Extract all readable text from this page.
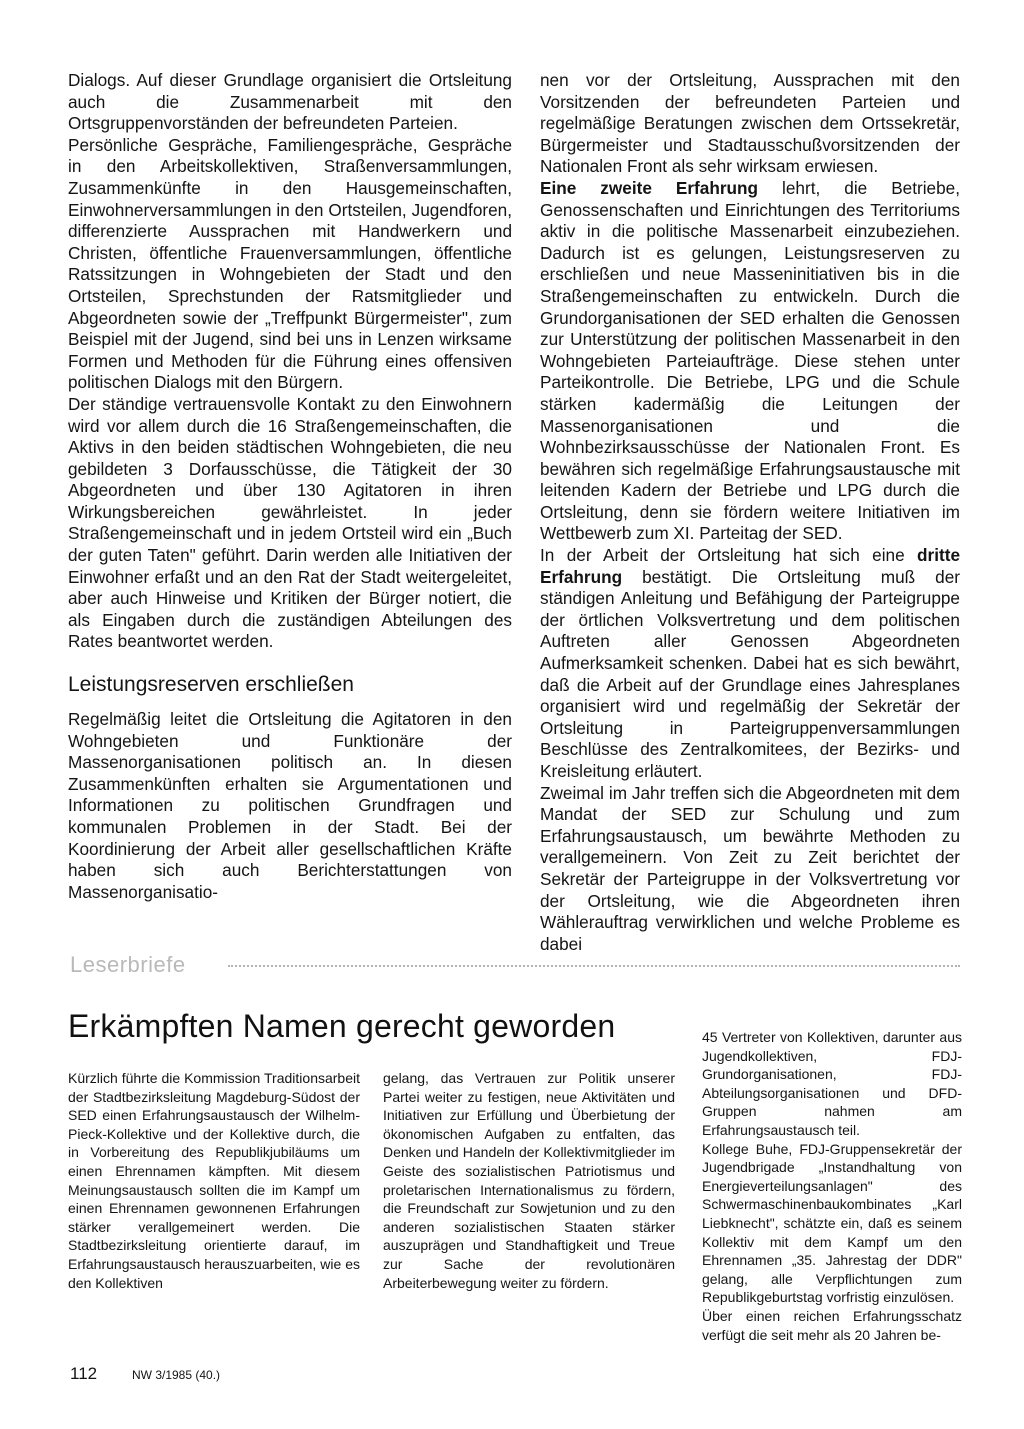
Dialogs. Auf dieser Grundlage organisiert die Ortsleitung auch die Zusammenarbeit mit den Ortsgruppenvorständen der befreundeten Parteien.

Persönliche Gespräche, Familiengespräche, Gespräche in den Arbeitskollektiven, Straßenversammlungen, Zusammenkünfte in den Hausgemeinschaften, Einwohnerversammlungen in den Ortsteilen, Jugendforen, differenzierte Aussprachen mit Handwerkern und Christen, öffentliche Frauenversammlungen, öffentliche Ratssitzungen in Wohngebieten der Stadt und den Ortsteilen, Sprechstunden der Ratsmitglieder und Abgeordneten sowie der „Treffpunkt Bürgermeister", zum Beispiel mit der Jugend, sind bei uns in Lenzen wirksame Formen und Methoden für die Führung eines offensiven politischen Dialogs mit den Bürgern.

Der ständige vertrauensvolle Kontakt zu den Einwohnern wird vor allem durch die 16 Straßengemeinschaften, die Aktivs in den beiden städtischen Wohngebieten, die neu gebildeten 3 Dorfausschüsse, die Tätigkeit der 30 Abgeordneten und über 130 Agitatoren in ihren Wirkungsbereichen gewährleistet. In jeder Straßengemeinschaft und in jedem Ortsteil wird ein „Buch der guten Taten" geführt. Darin werden alle Initiativen der Einwohner erfaßt und an den Rat der Stadt weitergeleitet, aber auch Hinweise und Kritiken der Bürger notiert, die als Eingaben durch die zuständigen Abteilungen des Rates beantwortet werden.

Leistungsreserven erschließen

Regelmäßig leitet die Ortsleitung die Agitatoren in den Wohngebieten und Funktionäre der Massenorganisationen politisch an. In diesen Zusammenkünften erhalten sie Argumentationen und Informationen zu politischen Grundfragen und kommunalen Problemen in der Stadt. Bei der Koordinierung der Arbeit aller gesellschaftlichen Kräfte haben sich auch Berichterstattungen von Massenorganisatio-

nen vor der Ortsleitung, Aussprachen mit den Vorsitzenden der befreundeten Parteien und regelmäßige Beratungen zwischen dem Ortssekretär, Bürgermeister und Stadtausschußvorsitzenden der Nationalen Front als sehr wirksam erwiesen.

Eine zweite Erfahrung lehrt, die Betriebe, Genossenschaften und Einrichtungen des Territoriums aktiv in die politische Massenarbeit einzubeziehen. Dadurch ist es gelungen, Leistungsreserven zu erschließen und neue Masseninitiativen bis in die Straßengemeinschaften zu entwickeln. Durch die Grundorganisationen der SED erhalten die Genossen zur Unterstützung der politischen Massenarbeit in den Wohngebieten Parteiaufträge. Diese stehen unter Parteikontrolle. Die Betriebe, LPG und die Schule stärken kadermäßig die Leitungen der Massenorganisationen und die Wohnbezirksausschüsse der Nationalen Front. Es bewähren sich regelmäßige Erfahrungsaustausche mit leitenden Kadern der Betriebe und LPG durch die Ortsleitung, denn sie fördern weitere Initiativen im Wettbewerb zum XI. Parteitag der SED.

In der Arbeit der Ortsleitung hat sich eine dritte Erfahrung bestätigt. Die Ortsleitung muß der ständigen Anleitung und Befähigung der Parteigruppe der örtlichen Volksvertretung und dem politischen Auftreten aller Genossen Abgeordneten Aufmerksamkeit schenken. Dabei hat es sich bewährt, daß die Arbeit auf der Grundlage eines Jahresplanes organisiert wird und regelmäßig der Sekretär der Ortsleitung in Parteigruppenversammlungen Beschlüsse des Zentralkomitees, der Bezirks- und Kreisleitung erläutert.

Zweimal im Jahr treffen sich die Abgeordneten mit dem Mandat der SED zur Schulung und zum Erfahrungsaustausch, um bewährte Methoden zu verallgemeinern. Von Zeit zu Zeit berichtet der Sekretär der Parteigruppe in der Volksvertretung vor der Ortsleitung, wie die Abgeordneten ihren Wählerauftrag verwirklichen und welche Probleme es dabei

Leserbriefe
Erkämpften Namen gerecht geworden

Kürzlich führte die Kommission Traditionsarbeit der Stadtbezirksleitung Magdeburg-Südost der SED einen Erfahrungsaustausch der Wilhelm-Pieck-Kollektive und der Kollektive durch, die in Vorbereitung des Republikjubiläums um einen Ehrennamen kämpften. Mit diesem Meinungsaustausch sollten die im Kampf um einen Ehrennamen gewonnenen Erfahrungen stärker verallgemeinert werden. Die Stadtbezirksleitung orientierte darauf, im Erfahrungsaustausch herauszuarbeiten, wie es den Kollektiven

gelang, das Vertrauen zur Politik unserer Partei weiter zu festigen, neue Aktivitäten und Initiativen zur Erfüllung und Überbietung der ökonomischen Aufgaben zu entfalten, das Denken und Handeln der Kollektivmitglieder im Geiste des sozialistischen Patriotismus und proletarischen Internationalismus zu fördern, die Freundschaft zur Sowjetunion und zu den anderen sozialistischen Staaten stärker auszuprägen und Standhaftigkeit und Treue zur Sache der revolutionären Arbeiterbewegung weiter zu fördern.

45 Vertreter von Kollektiven, darunter aus Jugendkollektiven, FDJ-Grundorganisationen, FDJ-Abteilungsorganisationen und DFD-Gruppen nahmen am Erfahrungsaustausch teil.

Kollege Buhe, FDJ-Gruppensekretär der Jugendbrigade „Instandhaltung von Energieverteilungsanlagen" des Schwermaschinenbaukombinates „Karl Liebknecht", schätzte ein, daß es seinem Kollektiv mit dem Kampf um den Ehrennamen „35. Jahrestag der DDR" gelang, alle Verpflichtungen zum Republikgeburtstag vorfristig einzulösen.

Über einen reichen Erfahrungsschatz verfügt die seit mehr als 20 Jahren be-

112	NW 3/1985 (40.)
